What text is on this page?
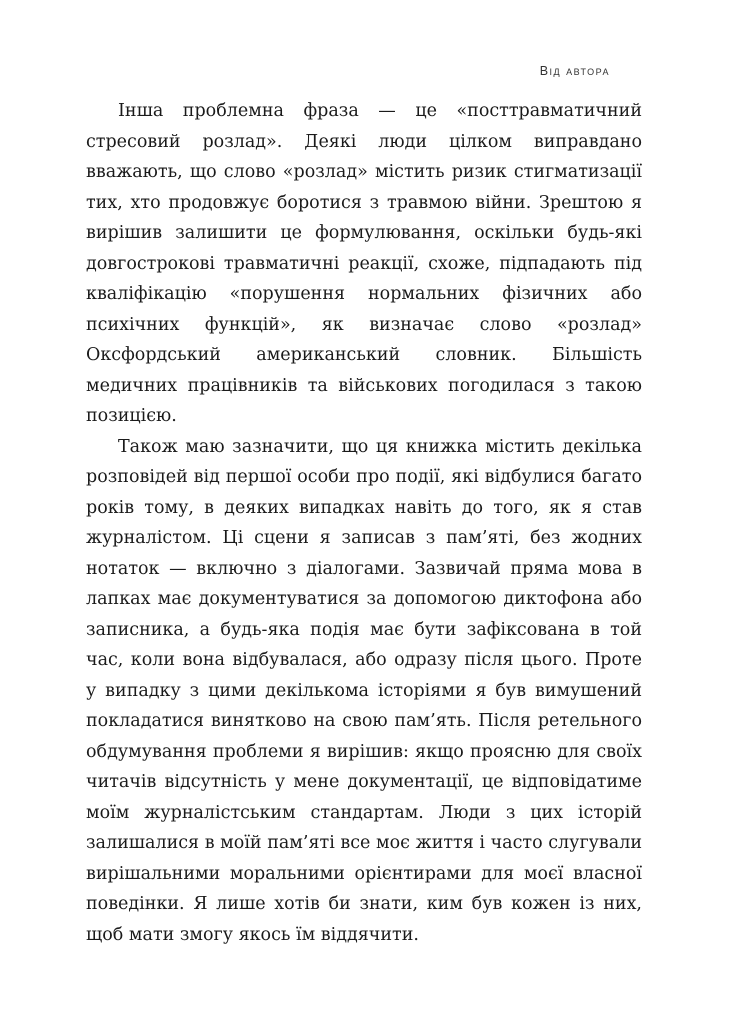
Від автора

Інша проблемна фраза — це «посттравматичний стресовий розлад». Деякі люди цілком виправдано вважають, що слово «розлад» містить ризик стигматизації тих, хто продовжує боротися з травмою війни. Зрештою я вирішив залишити це формулювання, оскільки будь-які довгострокові травматичні реакції, схоже, підпадають під кваліфікацію «порушення нормальних фізичних або психічних функцій», як визначає слово «розлад» Оксфордський американський словник. Більшість медичних працівників та військових погодилася з такою позицією.

Також маю зазначити, що ця книжка містить декілька розповідей від першої особи про події, які відбулися багато років тому, в деяких випадках навіть до того, як я став журналістом. Ці сцени я записав з пам’яті, без жодних нотаток — включно з діалогами. Зазвичай пряма мова в лапках має документуватися за допомогою диктофона або записника, а будь-яка подія має бути зафіксована в той час, коли вона відбувалася, або одразу після цього. Проте у випадку з цими декількома історіями я був вимушений покладатися винятково на свою пам’ять. Після ретельного обдумування проблеми я вирішив: якщо проясню для своїх читачів відсутність у мене документації, це відповідатиме моїм журналістським стандартам. Люди з цих історій залишалися в моїй пам’яті все моє життя і часто слугували вирішальними моральними орієнтирами для моєї власної поведінки. Я лише хотів би знати, ким був кожен із них, щоб мати змогу якось їм віддячити.
